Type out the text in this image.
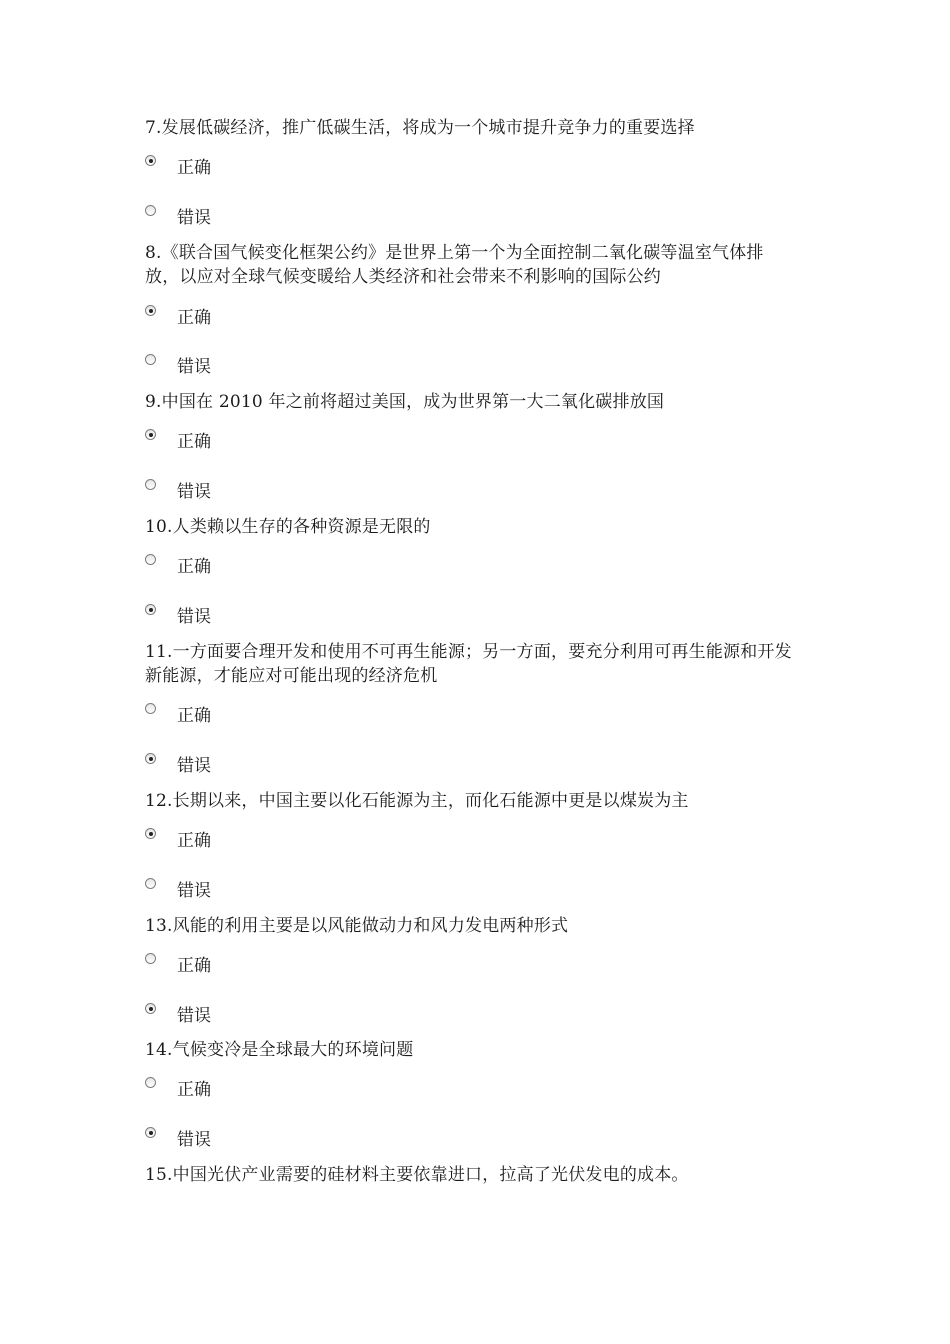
7.发展低碳经济，推广低碳生活，将成为一个城市提升竞争力的重要选择
正确
错误
8.《联合国气候变化框架公约》是世界上第一个为全面控制二氧化碳等温室气体排放，以应对全球气候变暖给人类经济和社会带来不利影响的国际公约
正确
错误
9.中国在 2010 年之前将超过美国，成为世界第一大二氧化碳排放国
正确
错误
10.人类赖以生存的各种资源是无限的
正确
错误
11.一方面要合理开发和使用不可再生能源；另一方面，要充分利用可再生能源和开发新能源，才能应对可能出现的经济危机
正确
错误
12.长期以来，中国主要以化石能源为主，而化石能源中更是以煤炭为主
正确
错误
13.风能的利用主要是以风能做动力和风力发电两种形式
正确
错误
14.气候变冷是全球最大的环境问题
正确
错误
15.中国光伏产业需要的硅材料主要依靠进口，拉高了光伏发电的成本。
